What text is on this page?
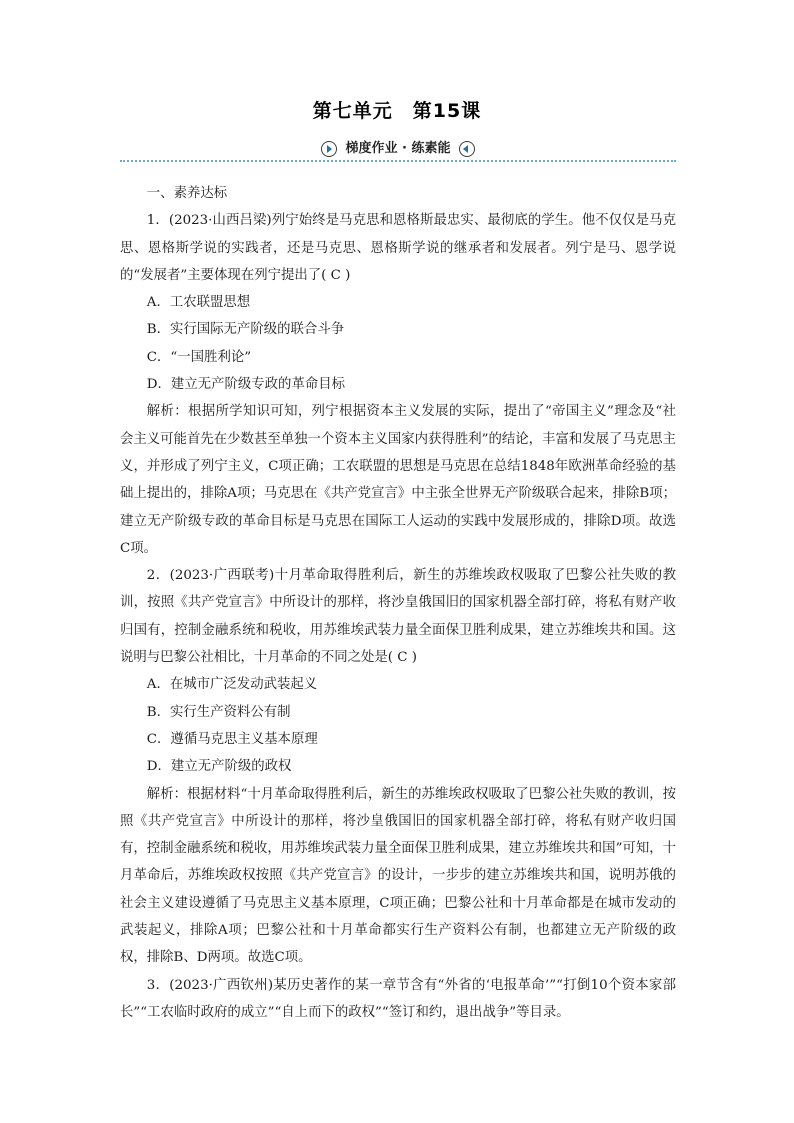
第七单元　第15课
梯度作业 · 练素能

一、素养达标

1．(2023·山西吕梁)列宁始终是马克思和恩格斯最忠实、最彻底的学生。他不仅仅是马克思、恩格斯学说的实践者，还是马克思、恩格斯学说的继承者和发展者。列宁是马、恩学说的“发展者”主要体现在列宁提出了( C )

A．工农联盟思想

B．实行国际无产阶级的联合斗争

C．“一国胜利论”

D．建立无产阶级专政的革命目标

解析：根据所学知识可知，列宁根据资本主义发展的实际，提出了“帝国主义”理念及“社会主义可能首先在少数甚至单独一个资本主义国家内获得胜利”的结论，丰富和发展了马克思主义，并形成了列宁主义，C项正确；工农联盟的思想是马克思在总结1848年欧洲革命经验的基础上提出的，排除A项；马克思在《共产党宣言》中主张全世界无产阶级联合起来，排除B项；建立无产阶级专政的革命目标是马克思在国际工人运动的实践中发展形成的，排除D项。故选C项。

2．(2023·广西联考)十月革命取得胜利后，新生的苏维埃政权吸取了巴黎公社失败的教训，按照《共产党宣言》中所设计的那样，将沙皇俄国旧的国家机器全部打碎，将私有财产收归国有，控制金融系统和税收，用苏维埃武装力量全面保卫胜利成果，建立苏维埃共和国。这说明与巴黎公社相比，十月革命的不同之处是( C )

A．在城市广泛发动武装起义

B．实行生产资料公有制

C．遵循马克思主义基本原理

D．建立无产阶级的政权

解析：根据材料“十月革命取得胜利后，新生的苏维埃政权吸取了巴黎公社失败的教训，按照《共产党宣言》中所设计的那样，将沙皇俄国旧的国家机器全部打碎，将私有财产收归国有，控制金融系统和税收，用苏维埃武装力量全面保卫胜利成果，建立苏维埃共和国”可知，十月革命后，苏维埃政权按照《共产党宣言》的设计，一步步的建立苏维埃共和国，说明苏俄的社会主义建设遵循了马克思主义基本原理，C项正确；巴黎公社和十月革命都是在城市发动的武装起义，排除A项；巴黎公社和十月革命都实行生产资料公有制，也都建立无产阶级的政权，排除B、D两项。故选C项。

3．(2023·广西钦州)某历史著作的某一章节含有“外省的‘电报革命’”“打倒10个资本家部长”“工农临时政府的成立”“自上而下的政权”“签订和约，退出战争”等目录。
